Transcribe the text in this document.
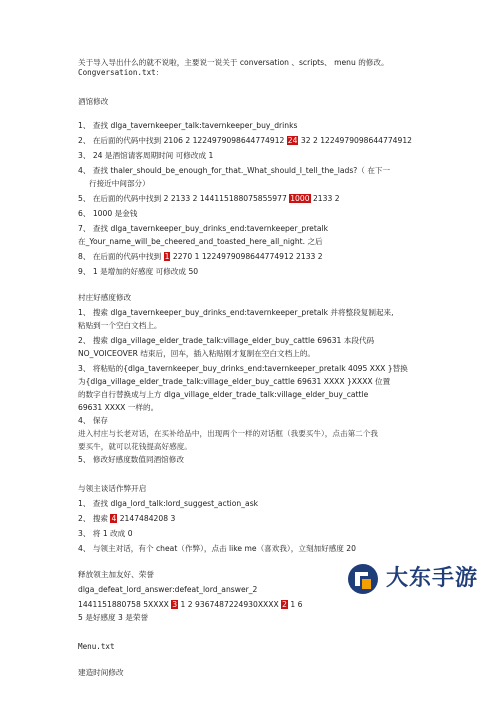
关于导入导出什么的就不说啦，主要说一说关于 conversation 、scripts、 menu 的修改。

Congversation.txt：

酒馆修改

1、 查找 dlga_tavernkeeper_talk:tavernkeeper_buy_drinks

2、 在后面的代码中找到 2106 2 1224979098644774912 24 32 2 1224979098644774912

3、 24 是酒馆请客周期时间 可修改成 1

4、 查找 thaler_should_be_enough_for_that._What_should_I_tell_the_lads?（ 在下一

行接近中间部分）

5、 在后面的代码中找到 2 2133 2 144115188075855977 1000 2133 2

6、 1000 是金钱

7、 查找 dlga_tavernkeeper_buy_drinks_end:tavernkeeper_pretalk

在_Your_name_will_be_cheered_and_toasted_here_all_night. 之后

8、 在后面的代码中找到 1 2270 1 1224979098644774912 2133 2

9、 1 是增加的好感度 可修改成 50

村庄好感度修改

1、 搜索 dlga_tavernkeeper_buy_drinks_end:tavernkeeper_pretalk 并将整段复制起来,

粘贴到一个空白文档上。

2、 搜索 dlga_village_elder_trade_talk:village_elder_buy_cattle 69631 本段代码

NO_VOICEOVER 结束后，回车，插入粘贴刚才复制在空白文档上的。

3、 将粘贴的{dlga_tavernkeeper_buy_drinks_end:tavernkeeper_pretalk 4095 XXX }替换

为{dlga_village_elder_trade_talk:village_elder_buy_cattle 69631 XXXX }XXXX 位置

的数字自行替换成与上方 dlga_village_elder_trade_talk:village_elder_buy_cattle

69631 XXXX 一样的。

4、 保存

进入村庄与长老对话，在买补给品中，出现两个一样的对话框（我要买牛），点击第二个我

要买牛，就可以花钱提高好感度。

5、 修改好感度数值同酒馆修改

与领主谈话作弊开启

1、 查找 dlga_lord_talk:lord_suggest_action_ask

2、 搜索 4 2147484208 3

3、 将 1 改成 0

4、 与领主对话，有个 cheat（作弊），点击 like me（喜欢我），立刻加好感度 20

释放领主加友好、荣誉

dlga_defeat_lord_answer:defeat_lord_answer_2

1441151880758 5XXXX 3 1 2 9367487224930XXXX 2 1 6

5 是好感度 3 是荣誉

Menu.txt

建造时间修改

大东手游
